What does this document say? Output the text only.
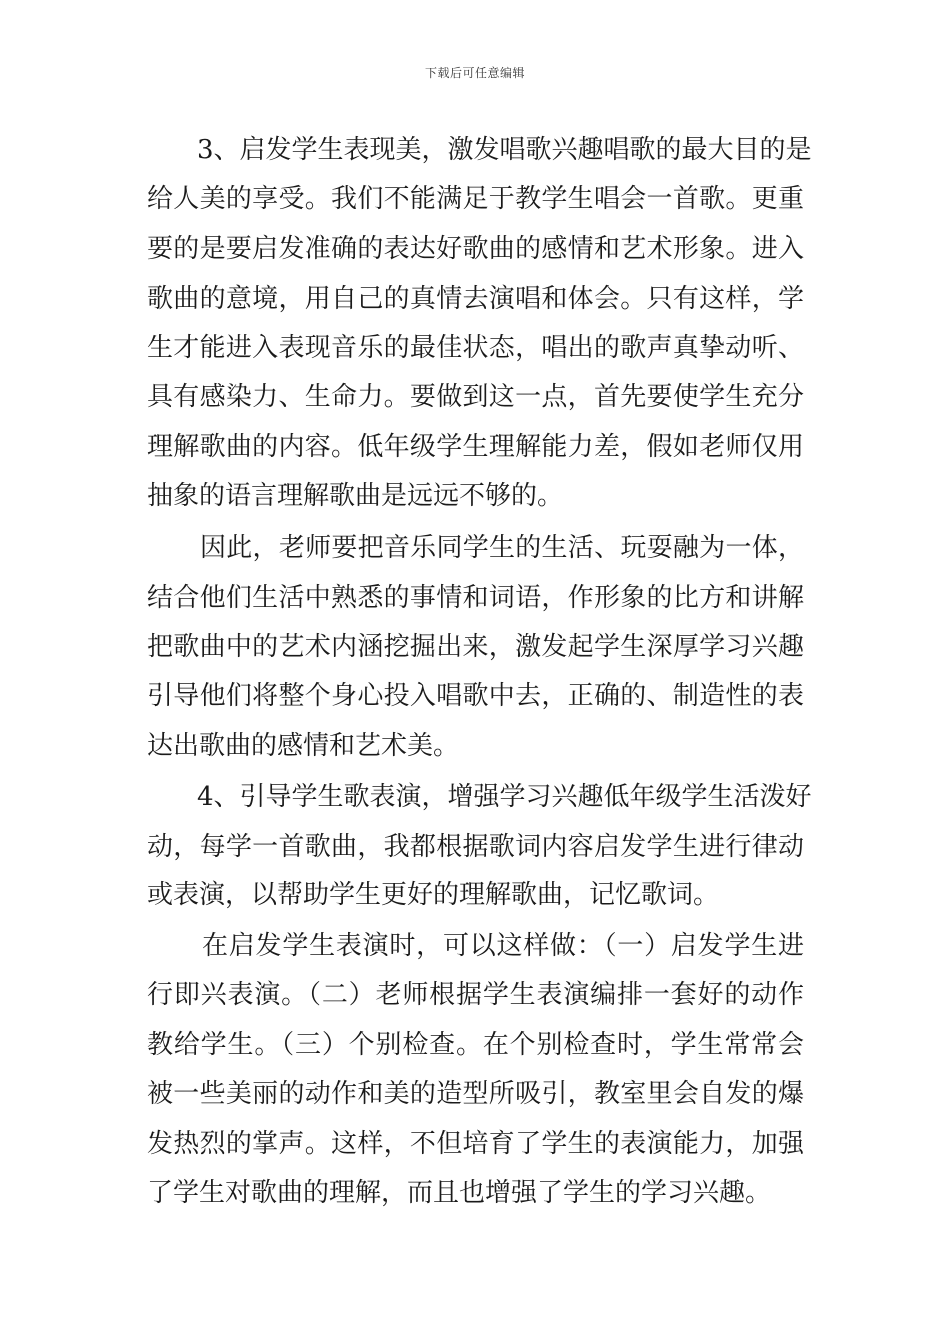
下载后可任意编辑
3、启发学生表现美，激发唱歌兴趣唱歌的最大目的是
给人美的享受。我们不能满足于教学生唱会一首歌。更重
要的是要启发准确的表达好歌曲的感情和艺术形象。进入
歌曲的意境，用自己的真情去演唱和体会。只有这样，学
生才能进入表现音乐的最佳状态，唱出的歌声真挚动听、
具有感染力、生命力。要做到这一点，首先要使学生充分
理解歌曲的内容。低年级学生理解能力差，假如老师仅用
抽象的语言理解歌曲是远远不够的。
因此，老师要把音乐同学生的生活、玩耍融为一体，
结合他们生活中熟悉的事情和词语，作形象的比方和讲解
把歌曲中的艺术内涵挖掘出来，激发起学生深厚学习兴趣
引导他们将整个身心投入唱歌中去，正确的、制造性的表
达出歌曲的感情和艺术美。
4、引导学生歌表演，增强学习兴趣低年级学生活泼好
动，每学一首歌曲，我都根据歌词内容启发学生进行律动
或表演，以帮助学生更好的理解歌曲，记忆歌词。
在启发学生表演时，可以这样做：（一）启发学生进
行即兴表演。（二）老师根据学生表演编排一套好的动作
教给学生。（三）个别检查。在个别检查时，学生常常会
被一些美丽的动作和美的造型所吸引，教室里会自发的爆
发热烈的掌声。这样，不但培育了学生的表演能力，加强
了学生对歌曲的理解，而且也增强了学生的学习兴趣。
